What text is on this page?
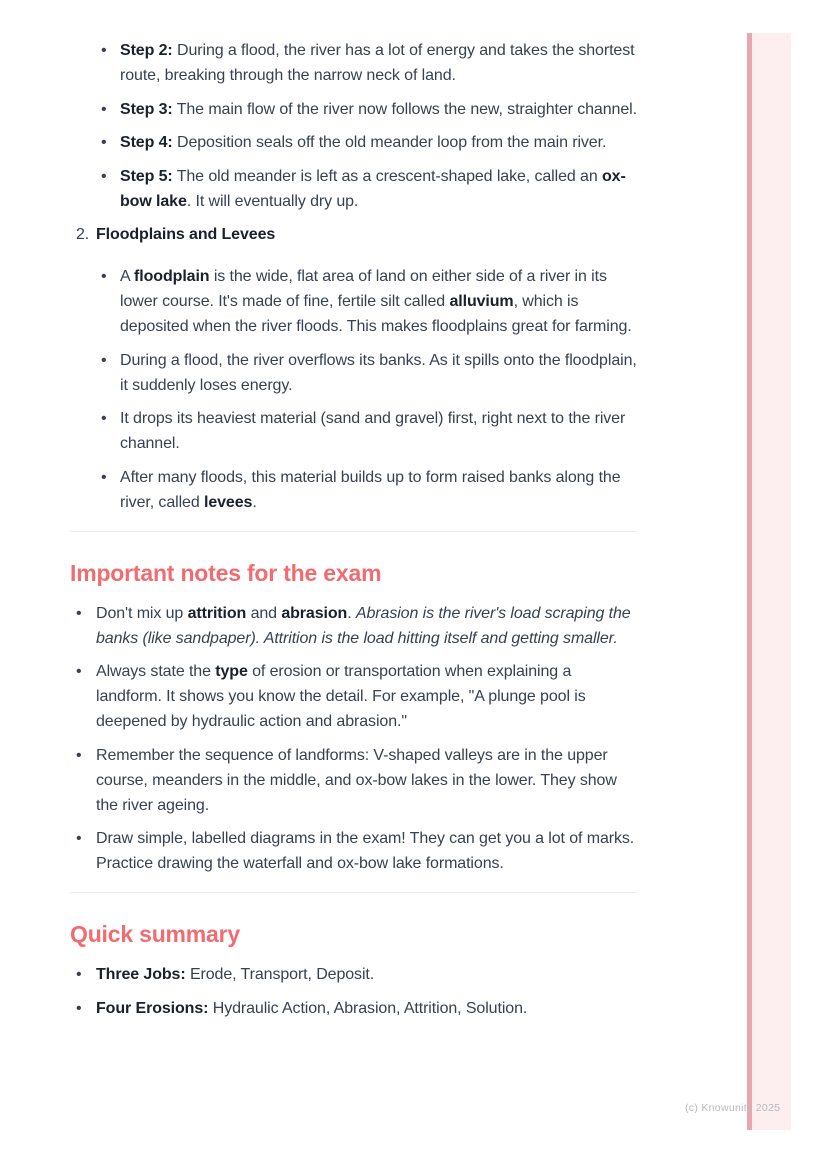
• Step 2: During a flood, the river has a lot of energy and takes the shortest route, breaking through the narrow neck of land.
• Step 3: The main flow of the river now follows the new, straighter channel.
• Step 4: Deposition seals off the old meander loop from the main river.
• Step 5: The old meander is left as a crescent-shaped lake, called an ox-bow lake. It will eventually dry up.
2. Floodplains and Levees
• A floodplain is the wide, flat area of land on either side of a river in its lower course. It's made of fine, fertile silt called alluvium, which is deposited when the river floods. This makes floodplains great for farming.
• During a flood, the river overflows its banks. As it spills onto the floodplain, it suddenly loses energy.
• It drops its heaviest material (sand and gravel) first, right next to the river channel.
• After many floods, this material builds up to form raised banks along the river, called levees.
Important notes for the exam
• Don't mix up attrition and abrasion. Abrasion is the river's load scraping the banks (like sandpaper). Attrition is the load hitting itself and getting smaller.
• Always state the type of erosion or transportation when explaining a landform. It shows you know the detail. For example, "A plunge pool is deepened by hydraulic action and abrasion."
• Remember the sequence of landforms: V-shaped valleys are in the upper course, meanders in the middle, and ox-bow lakes in the lower. They show the river ageing.
• Draw simple, labelled diagrams in the exam! They can get you a lot of marks. Practice drawing the waterfall and ox-bow lake formations.
Quick summary
• Three Jobs: Erode, Transport, Deposit.
• Four Erosions: Hydraulic Action, Abrasion, Attrition, Solution.
(c) Knowunity 2025
